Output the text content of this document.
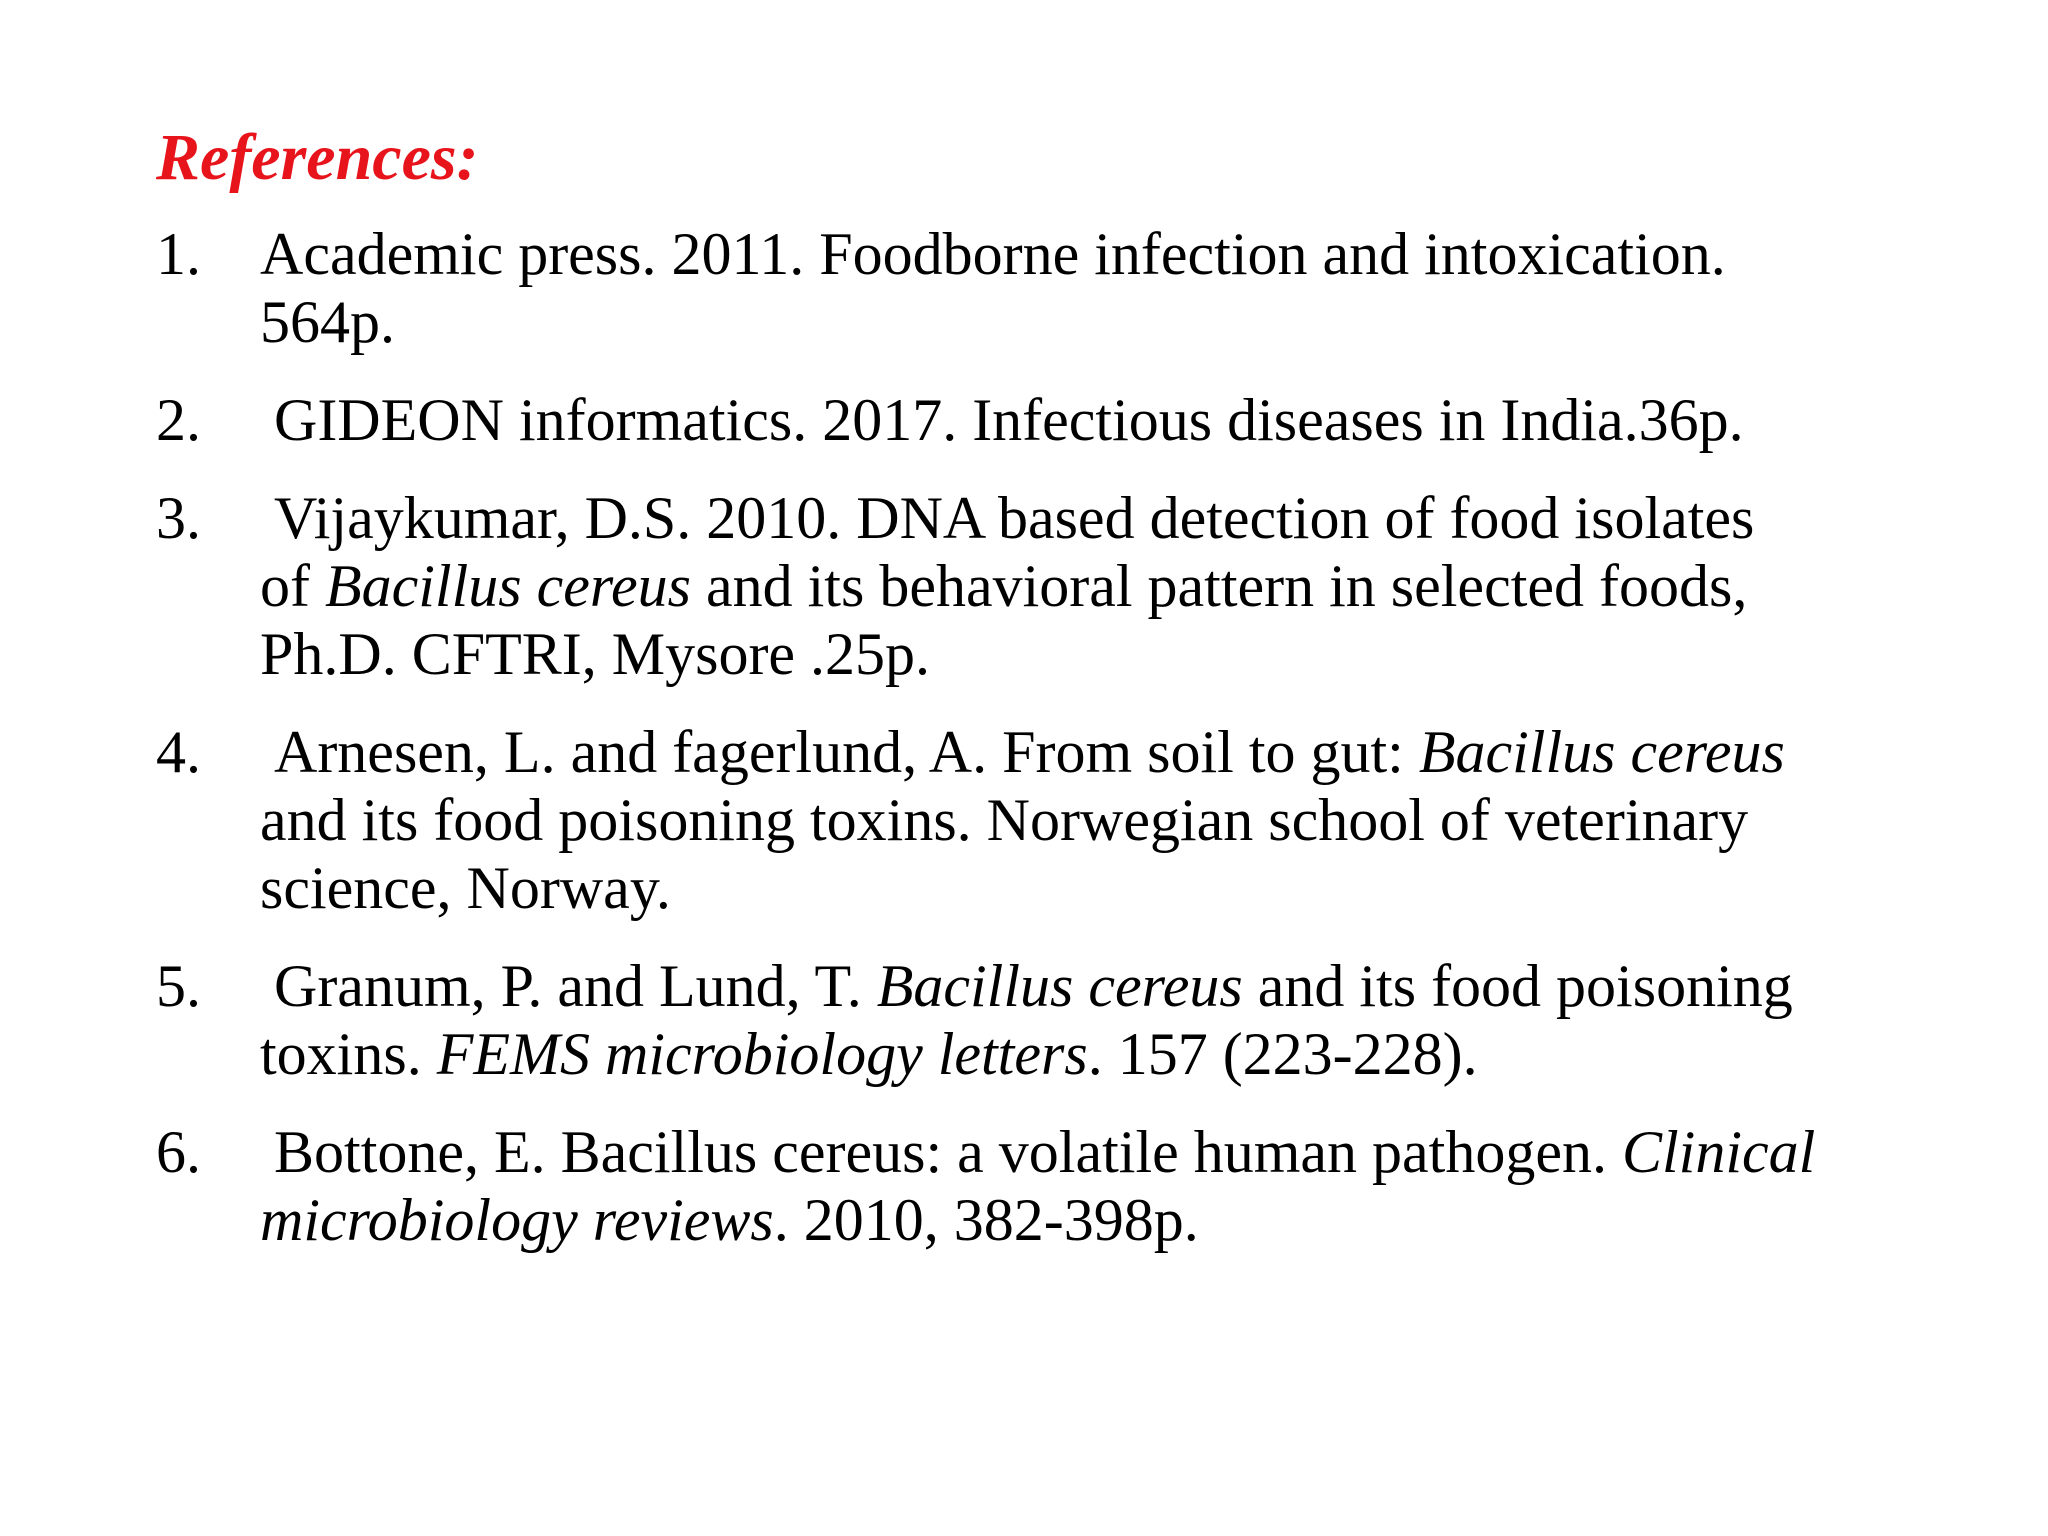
References:
1. Academic press. 2011. Foodborne infection and intoxication.
564p.
2. GIDEON informatics. 2017. Infectious diseases in India.36p.
3. Vijaykumar, D.S. 2010. DNA based detection of food isolates
of Bacillus cereus and its behavioral pattern in selected foods,
Ph.D. CFTRI, Mysore .25p.
4. Arnesen, L. and fagerlund, A. From soil to gut: Bacillus cereus
and its food poisoning toxins. Norwegian school of veterinary
science, Norway.
5. Granum, P. and Lund, T. Bacillus cereus and its food poisoning
toxins. FEMS microbiology letters. 157 (223-228).
6. Bottone, E. Bacillus cereus: a volatile human pathogen. Clinical
microbiology reviews. 2010, 382-398p.
